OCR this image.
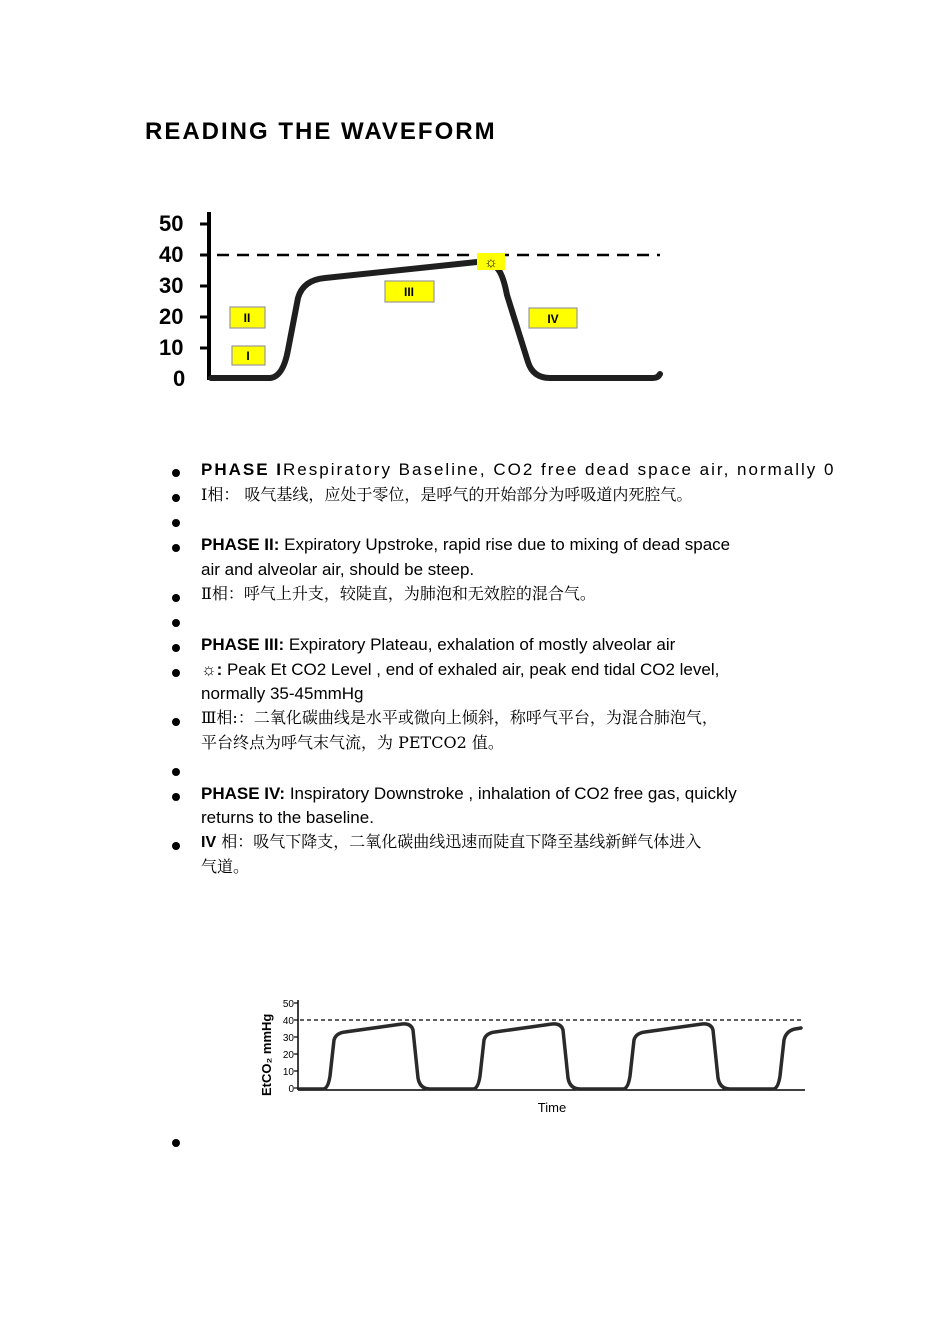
READING THE WAVEFORM
50
40
30
20
10
0
I
II
III
IV
☼
PHASE IRespiratory Baseline, CO2 free dead space air, normally 0
Ⅰ相： 吸气基线，应处于零位，是呼气的开始部分为呼吸道内死腔气。
PHASE II: Expiratory Upstroke, rapid rise due to mixing of dead space
air and alveolar air, should be steep.
Ⅱ相：呼气上升支，较陡直，为肺泡和无效腔的混合气。
PHASE III: Expiratory Plateau, exhalation of mostly alveolar air
☼: Peak Et CO2 Level , end of exhaled air, peak end tidal CO2 level,
normally 35-45mmHg
Ⅲ相:：二氧化碳曲线是水平或微向上倾斜，称呼气平台，为混合肺泡气，
平台终点为呼气末气流，为 PETCO2 值。
PHASE IV: Inspiratory Downstroke , inhalation of CO2 free gas, quickly
returns to the baseline.
IV 相：吸气下降支，二氧化碳曲线迅速而陡直下降至基线新鲜气体进入
气道。
EtCO₂ mmHg
50
40
30
20
10
0
Time
